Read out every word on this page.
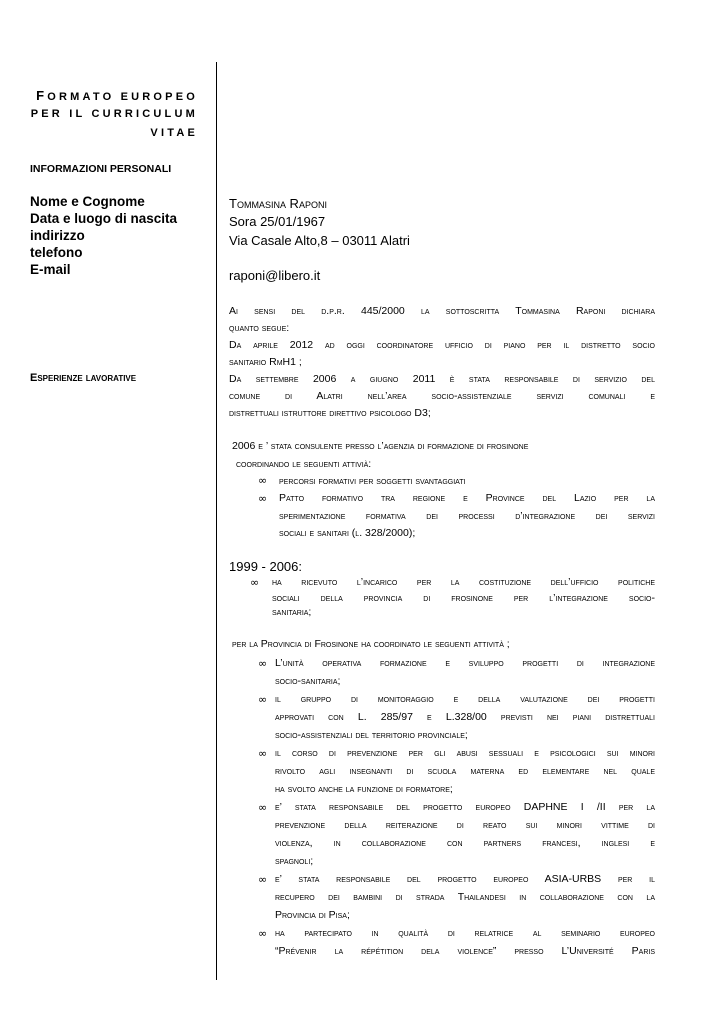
FORMATO EUROPEO
PER IL CURRICULUM
VITAE
INFORMAZIONI PERSONALI
Nome e Cognome
Data e luogo di nascita
indirizzo
telefono
E-mail
Tommasina Raponi
Sora 25/01/1967
Via Casale Alto,8 – 03011 Alatri
raponi@libero.it
Esperienze lavorative
Ai sensi del d.p.r. 445/2000 la sottoscritta Tommasina Raponi dichiara
quanto segue:
Da aprile 2012 ad oggi coordinatore ufficio di piano per il distretto socio
sanitario RmH1 ;
Da settembre 2006 a giugno 2011 è stata responsabile di servizio del
comune di Alatri nell’area socio-assistenziale servizi comunali e
distrettuali istruttore direttivo psicologo D3;
2006 e ’ stata consulente presso l’agenzia di formazione di frosinone
coordinando le seguenti attivià:
∞ percorsi formativi per soggetti svantaggiati
∞ Patto formativo tra regione e Province del Lazio per la
sperimentazione formativa dei processi d’integrazione dei servizi
sociali e sanitari (l. 328/2000);
1999 - 2006:
∞ ha ricevuto l’incarico per la costituzione dell’ufficio politiche
sociali della provincia di frosinone per l’integrazione socio-
sanitaria;
per la Provincia di Frosinone ha coordinato le seguenti attività ;
∞ L’unità operativa formazione e sviluppo progetti di integrazione
socio-sanitaria;
∞ il gruppo di monitoraggio e della valutazione dei progetti
approvati con L. 285/97 e L.328/00 previsti nei piani distrettuali
socio-assistenziali del territorio provinciale;
∞ il corso di prevenzione per gli abusi sessuali e psicologici sui minori
rivolto agli insegnanti di scuola materna ed elementare nel quale
ha svolto anche la funzione di formatore;
∞ e’ stata responsabile del progetto europeo DAPHNE I /II per la
prevenzione della reiterazione di reato sui minori vittime di
violenza, in collaborazione con partners francesi, inglesi e
spagnoli;
∞ e’ stata responsabile del progetto europeo ASIA-URBS per il
recupero dei bambini di strada Thailandesi in collaborazione con la
Provincia di Pisa;
∞ ha partecipato in qualità di relatrice al seminario europeo
“Prévenir la répétition dela violence” presso L’Université Paris
